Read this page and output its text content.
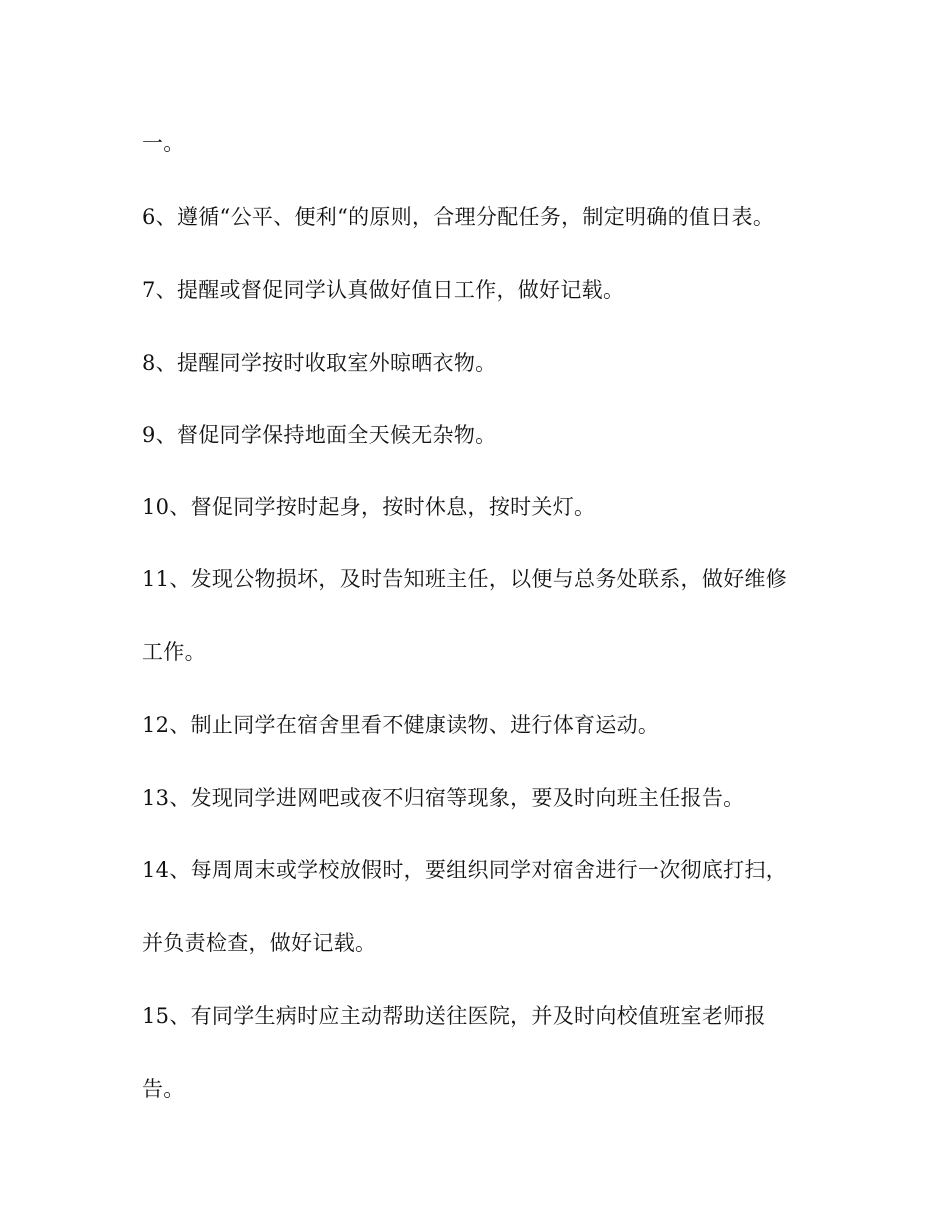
一。
6、遵循“公平、便利“的原则，合理分配任务，制定明确的值日表。
7、提醒或督促同学认真做好值日工作，做好记载。
8、提醒同学按时收取室外晾晒衣物。
9、督促同学保持地面全天候无杂物。
10、督促同学按时起身，按时休息，按时关灯。
11、发现公物损坏，及时告知班主任，以便与总务处联系，做好维修
工作。
12、制止同学在宿舍里看不健康读物、进行体育运动。
13、发现同学进网吧或夜不归宿等现象，要及时向班主任报告。
14、每周周末或学校放假时，要组织同学对宿舍进行一次彻底打扫，
并负责检查，做好记载。
15、有同学生病时应主动帮助送往医院，并及时向校值班室老师报
告。
